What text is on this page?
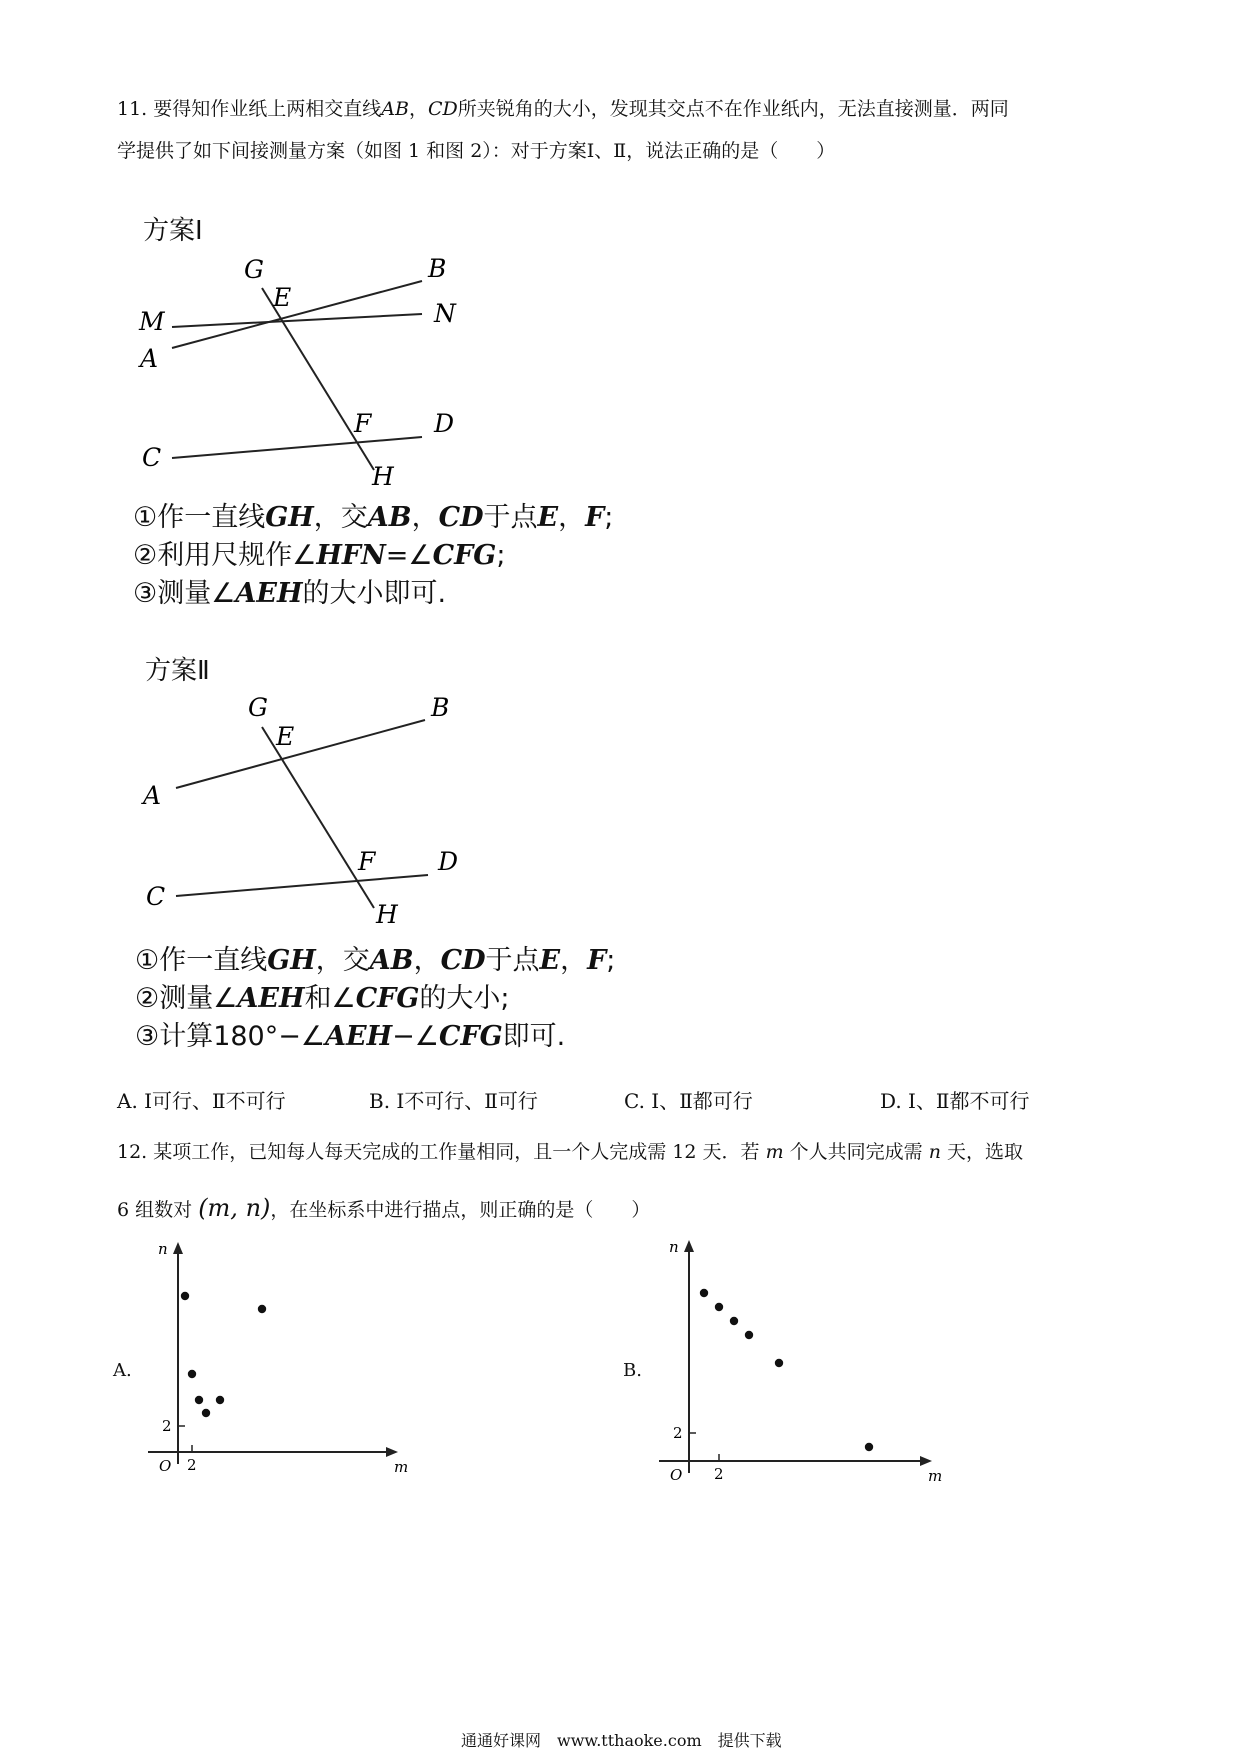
11. 要得知作业纸上两相交直线AB，CD所夹锐角的大小，发现其交点不在作业纸内，无法直接测量．两同
学提供了如下间接测量方案（如图 1 和图 2）：对于方案Ⅰ、Ⅱ，说法正确的是（　　）
方案Ⅰ
G	B
E
M	N
A
F	D
C
H
①作一直线GH，交AB，CD于点E，F;
②利用尺规作∠HFN=∠CFG;
③测量∠AEH的大小即可.
方案Ⅱ
G	B
E
A
F	D
C
H
①作一直线GH，交AB，CD于点E，F;
②测量∠AEH和∠CFG的大小;
③计算180°−∠AEH−∠CFG即可.
A. Ⅰ可行、Ⅱ不可行	B. Ⅰ不可行、Ⅱ可行	C. Ⅰ、Ⅱ都可行	D. Ⅰ、Ⅱ都不可行
12. 某项工作，已知每人每天完成的工作量相同，且一个人完成需 12 天．若 m 个人共同完成需 n 天，选取
6 组数对 (m, n)，在坐标系中进行描点，则正确的是（　　）
A.	B.
2
2
O	m
n
2
2
O	m
n
通通好课网　www.tthaoke.com　提供下载
